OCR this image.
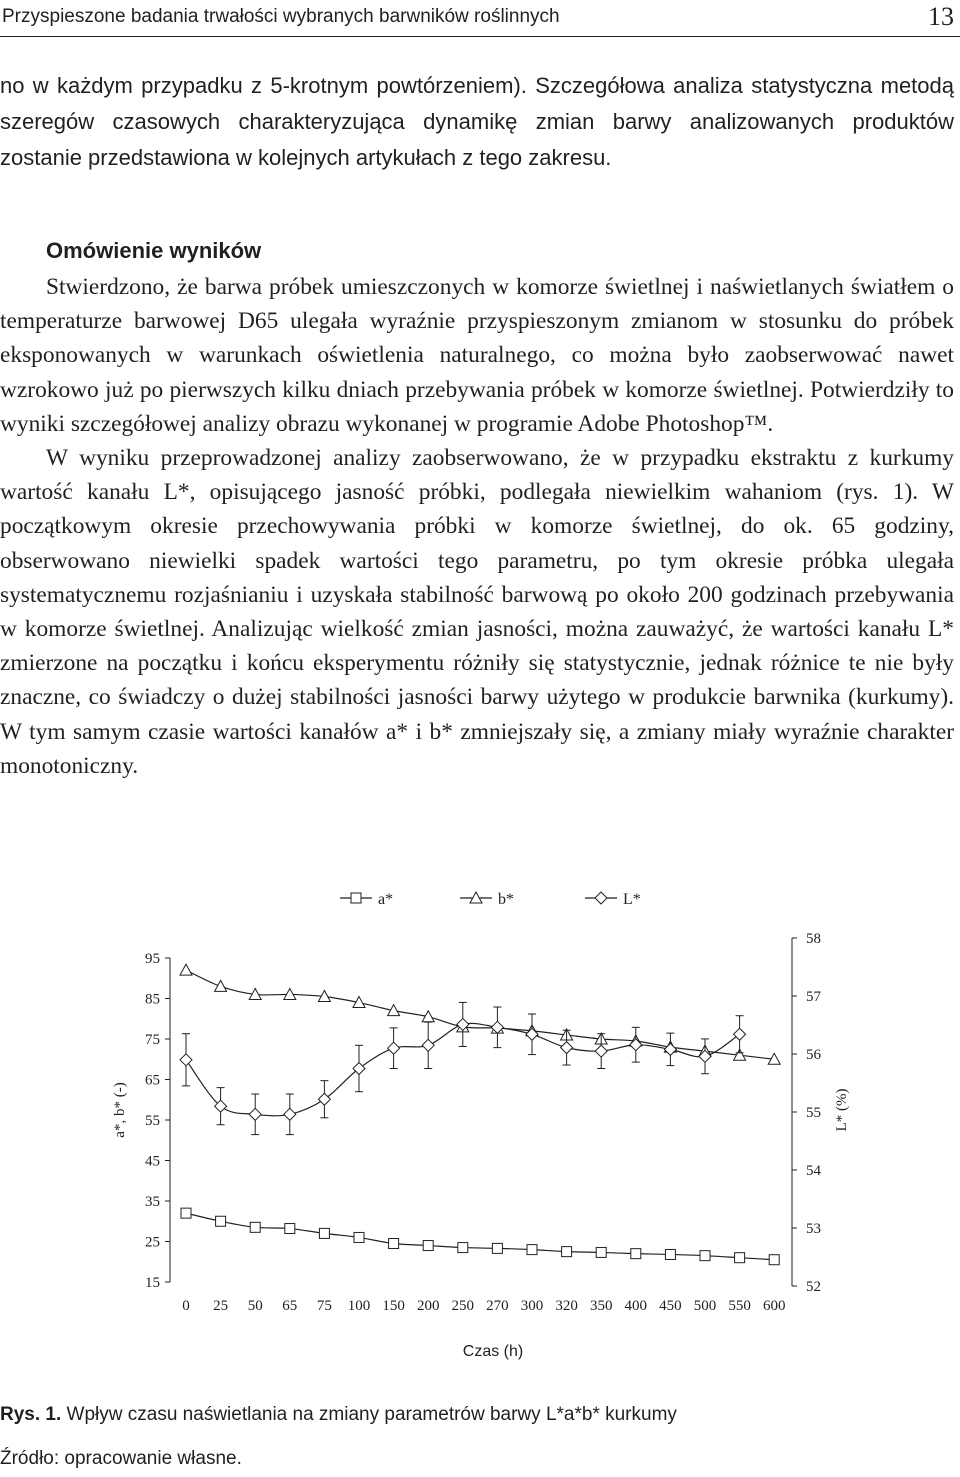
Przyspieszone badania trwałości wybranych barwników roślinnych	13
no w każdym przypadku z 5-krotnym powtórzeniem). Szczegółowa analiza statystyczna metodą szeregów czasowych charakteryzująca dynamikę zmian barwy analizowanych produktów zostanie przedstawiona w kolejnych artykułach z tego zakresu.
Omówienie wyników

Stwierdzono, że barwa próbek umieszczonych w komorze świetlnej i naświetlanych światłem o temperaturze barwowej D65 ulegała wyraźnie przyspieszonym zmianom w stosunku do próbek eksponowanych w warunkach oświetlenia naturalnego, co można było zaobserwować nawet wzrokowo już po pierwszych kilku dniach przebywania próbek w komorze świetlnej. Potwierdziły to wyniki szczegółowej analizy obrazu wykonanej w programie Adobe Photoshop™.

W wyniku przeprowadzonej analizy zaobserwowano, że w przypadku ekstraktu z kurkumy wartość kanału L*, opisującego jasność próbki, podlegała niewielkim wahaniom (rys. 1). W początkowym okresie przechowywania próbki w komorze świetlnej, do ok. 65 godziny, obserwowano niewielki spadek wartości tego parametru, po tym okresie próbka ulegała systematycznemu rozjaśnianiu i uzyskała stabilność barwową po około 200 godzinach przebywania w komorze świetlnej. Analizując wielkość zmian jasności, można zauważyć, że wartości kanału L* zmierzone na początku i końcu eksperymentu różniły się statystycznie, jednak różnice te nie były znaczne, co świadczy o dużej stabilności jasności barwy użytego w produkcie barwnika (kurkumy). W tym samym czasie wartości kanałów a* i b* zmniejszały się, a zmiany miały wyraźnie charakter monotoniczny.

a*	b*	L*
95
85
75
65
55
45
35
25
15
58
57
56
55
54
53
52
0 25 50 65 75 100 150 200 250 270 300 320 350 400 450 500 550 600
Czas (h)
a*, b* (-)	L* (%)
Rys. 1. Wpływ czasu naświetlania na zmiany parametrów barwy L*a*b* kurkumy
Źródło: opracowanie własne.
